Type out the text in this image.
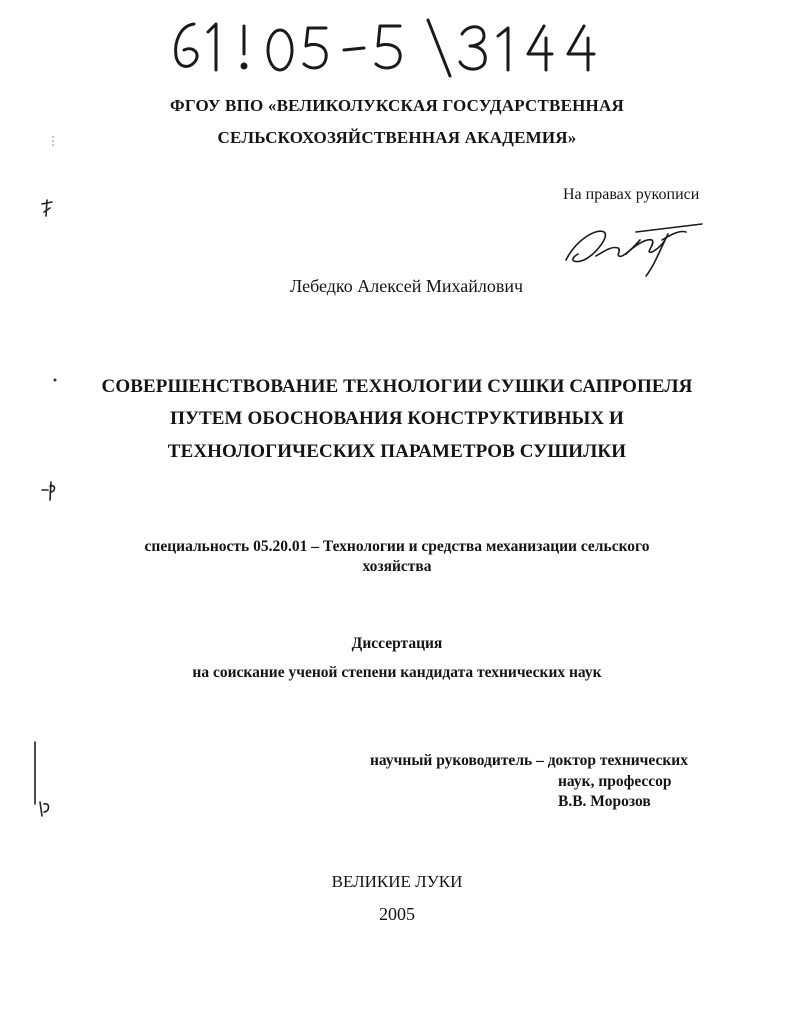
ФГОУ ВПО «ВЕЛИКОЛУКСКАЯ ГОСУДАРСТВЕННАЯ
СЕЛЬСКОХОЗЯЙСТВЕННАЯ АКАДЕМИЯ»
На правах рукописи
Лебедко Алексей Михайлович
СОВЕРШЕНСТВОВАНИЕ ТЕХНОЛОГИИ СУШКИ САПРОПЕЛЯ
ПУТЕМ ОБОСНОВАНИЯ КОНСТРУКТИВНЫХ И
ТЕХНОЛОГИЧЕСКИХ ПАРАМЕТРОВ СУШИЛКИ
специальность 05.20.01 – Технологии и средства механизации сельского
хозяйства
Диссертация
на соискание ученой степени кандидата технических наук
научный руководитель – доктор технических
наук, профессор
В.В. Морозов
ВЕЛИКИЕ ЛУКИ
2005
